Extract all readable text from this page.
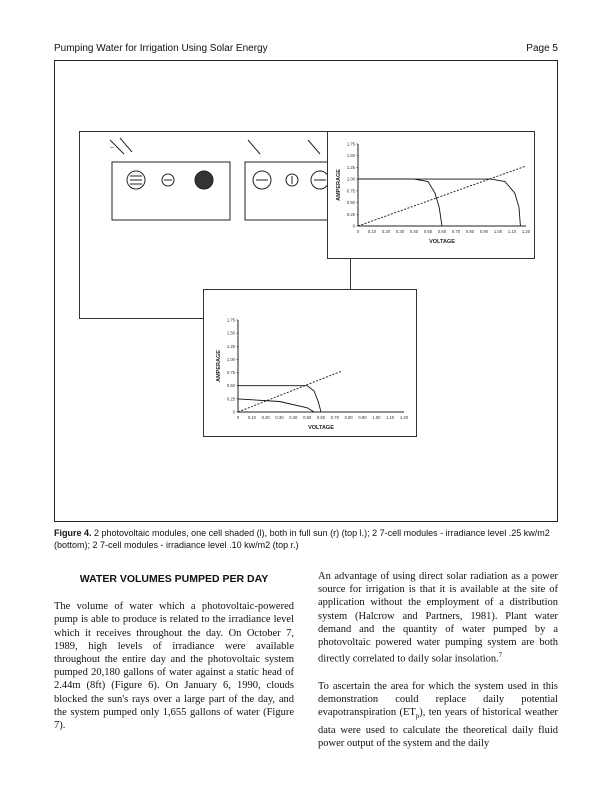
Pumping Water for Irrigation Using Solar Energy	Page 5
~
0 0.10 0.20 0.30 0.40 0.50 0.60 0.70 0.80 0.90 1.00 1.10 1.20
0
0.25
0.50
0.75
1.00
1.25
1.50
1.75
VOLTAGE
AMPERAGE
0 0.10 0.20 0.30 0.40 0.50 0.60 0.70 0.80 0.90 1.00 1.10 1.20
0
0.25
0.50
0.75
1.00
1.25
1.50
1.75
VOLTAGE
AMPERAGE
Figure 4. 2 photovoltaic modules, one cell shaded (l), both in full sun (r) (top l.); 2 7-cell modules - irradiance level .25 kw/m2 (bottom); 2 7-cell modules - irradiance level .10 kw/m2 (top r.)
WATER VOLUMES PUMPED PER DAY

The volume of water which a photovoltaic-powered pump is able to produce is related to the irradiance level which it receives throughout the day. On October 7, 1989, high levels of irradiance were available throughout the entire day and the photovoltaic system pumped 20,180 gallons of water against a static head of 2.44m (8ft) (Figure 6). On January 6, 1990, clouds blocked the sun's rays over a large part of the day, and the system pumped only 1,655 gallons of water (Figure 7).

An advantage of using direct solar radiation as a power source for irrigation is that it is available at the site of application without the employment of a distribution system (Halcrow and Partners, 1981). Plant water demand and the quantity of water pumped by a photovoltaic powered water pumping system are both directly correlated to daily solar insolation.$^7$

To ascertain the area for which the system used in this demonstration could replace daily potential evapotranspiration $(ET_p)$, ten years of historical weather data were used to calculate the theoretical daily fluid power output of the system and the daily
